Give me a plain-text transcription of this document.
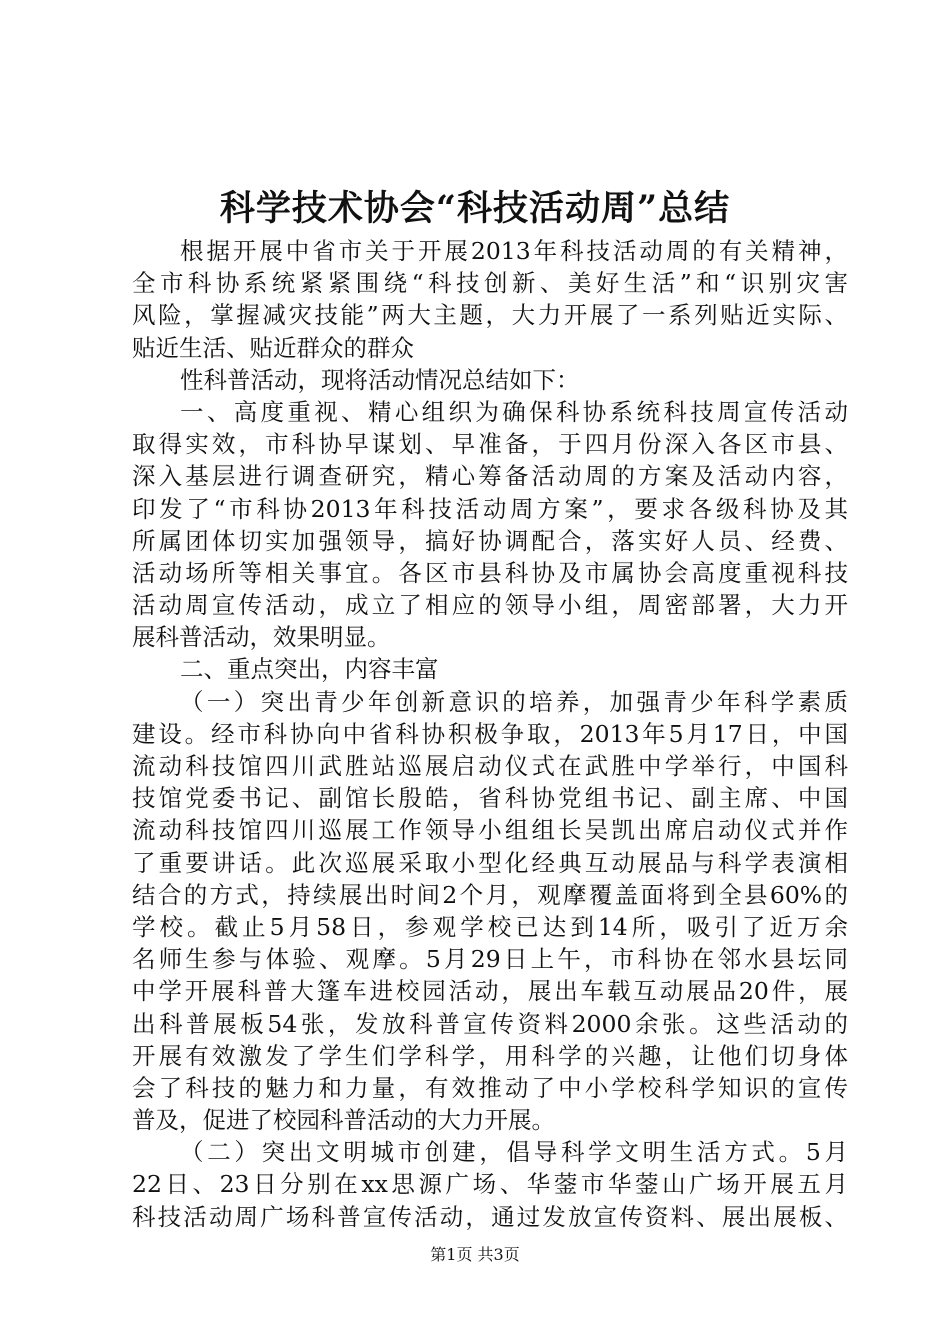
科学技术协会“科技活动周”总结
根据开展中省市关于开展2013年科技活动周的有关精神，
全市科协系统紧紧围绕“科技创新、美好生活”和“识别灾害
风险，掌握减灾技能”两大主题，大力开展了一系列贴近实际、
贴近生活、贴近群众的群众
性科普活动，现将活动情况总结如下：
一、高度重视、精心组织为确保科协系统科技周宣传活动
取得实效，市科协早谋划、早准备，于四月份深入各区市县、
深入基层进行调查研究，精心筹备活动周的方案及活动内容，
印发了“市科协2013年科技活动周方案”，要求各级科协及其
所属团体切实加强领导，搞好协调配合，落实好人员、经费、
活动场所等相关事宜。各区市县科协及市属协会高度重视科技
活动周宣传活动，成立了相应的领导小组，周密部署，大力开
展科普活动，效果明显。
二、重点突出，内容丰富
（一）突出青少年创新意识的培养，加强青少年科学素质
建设。经市科协向中省科协积极争取，2013年5月17日，中国
流动科技馆四川武胜站巡展启动仪式在武胜中学举行，中国科
技馆党委书记、副馆长殷皓，省科协党组书记、副主席、中国
流动科技馆四川巡展工作领导小组组长吴凯出席启动仪式并作
了重要讲话。此次巡展采取小型化经典互动展品与科学表演相
结合的方式，持续展出时间2个月，观摩覆盖面将到全县60%的
学校。截止5月58日，参观学校已达到14所，吸引了近万余
名师生参与体验、观摩。5月29日上午，市科协在邻水县坛同
中学开展科普大篷车进校园活动，展出车载互动展品20件，展
出科普展板54张，发放科普宣传资料2000余张。这些活动的
开展有效激发了学生们学科学，用科学的兴趣，让他们切身体
会了科技的魅力和力量，有效推动了中小学校科学知识的宣传
普及，促进了校园科普活动的大力开展。
（二）突出文明城市创建，倡导科学文明生活方式。5月
22日、23日分别在xx思源广场、华蓥市华蓥山广场开展五月
科技活动周广场科普宣传活动，通过发放宣传资料、展出展板、
第1页 共3页
